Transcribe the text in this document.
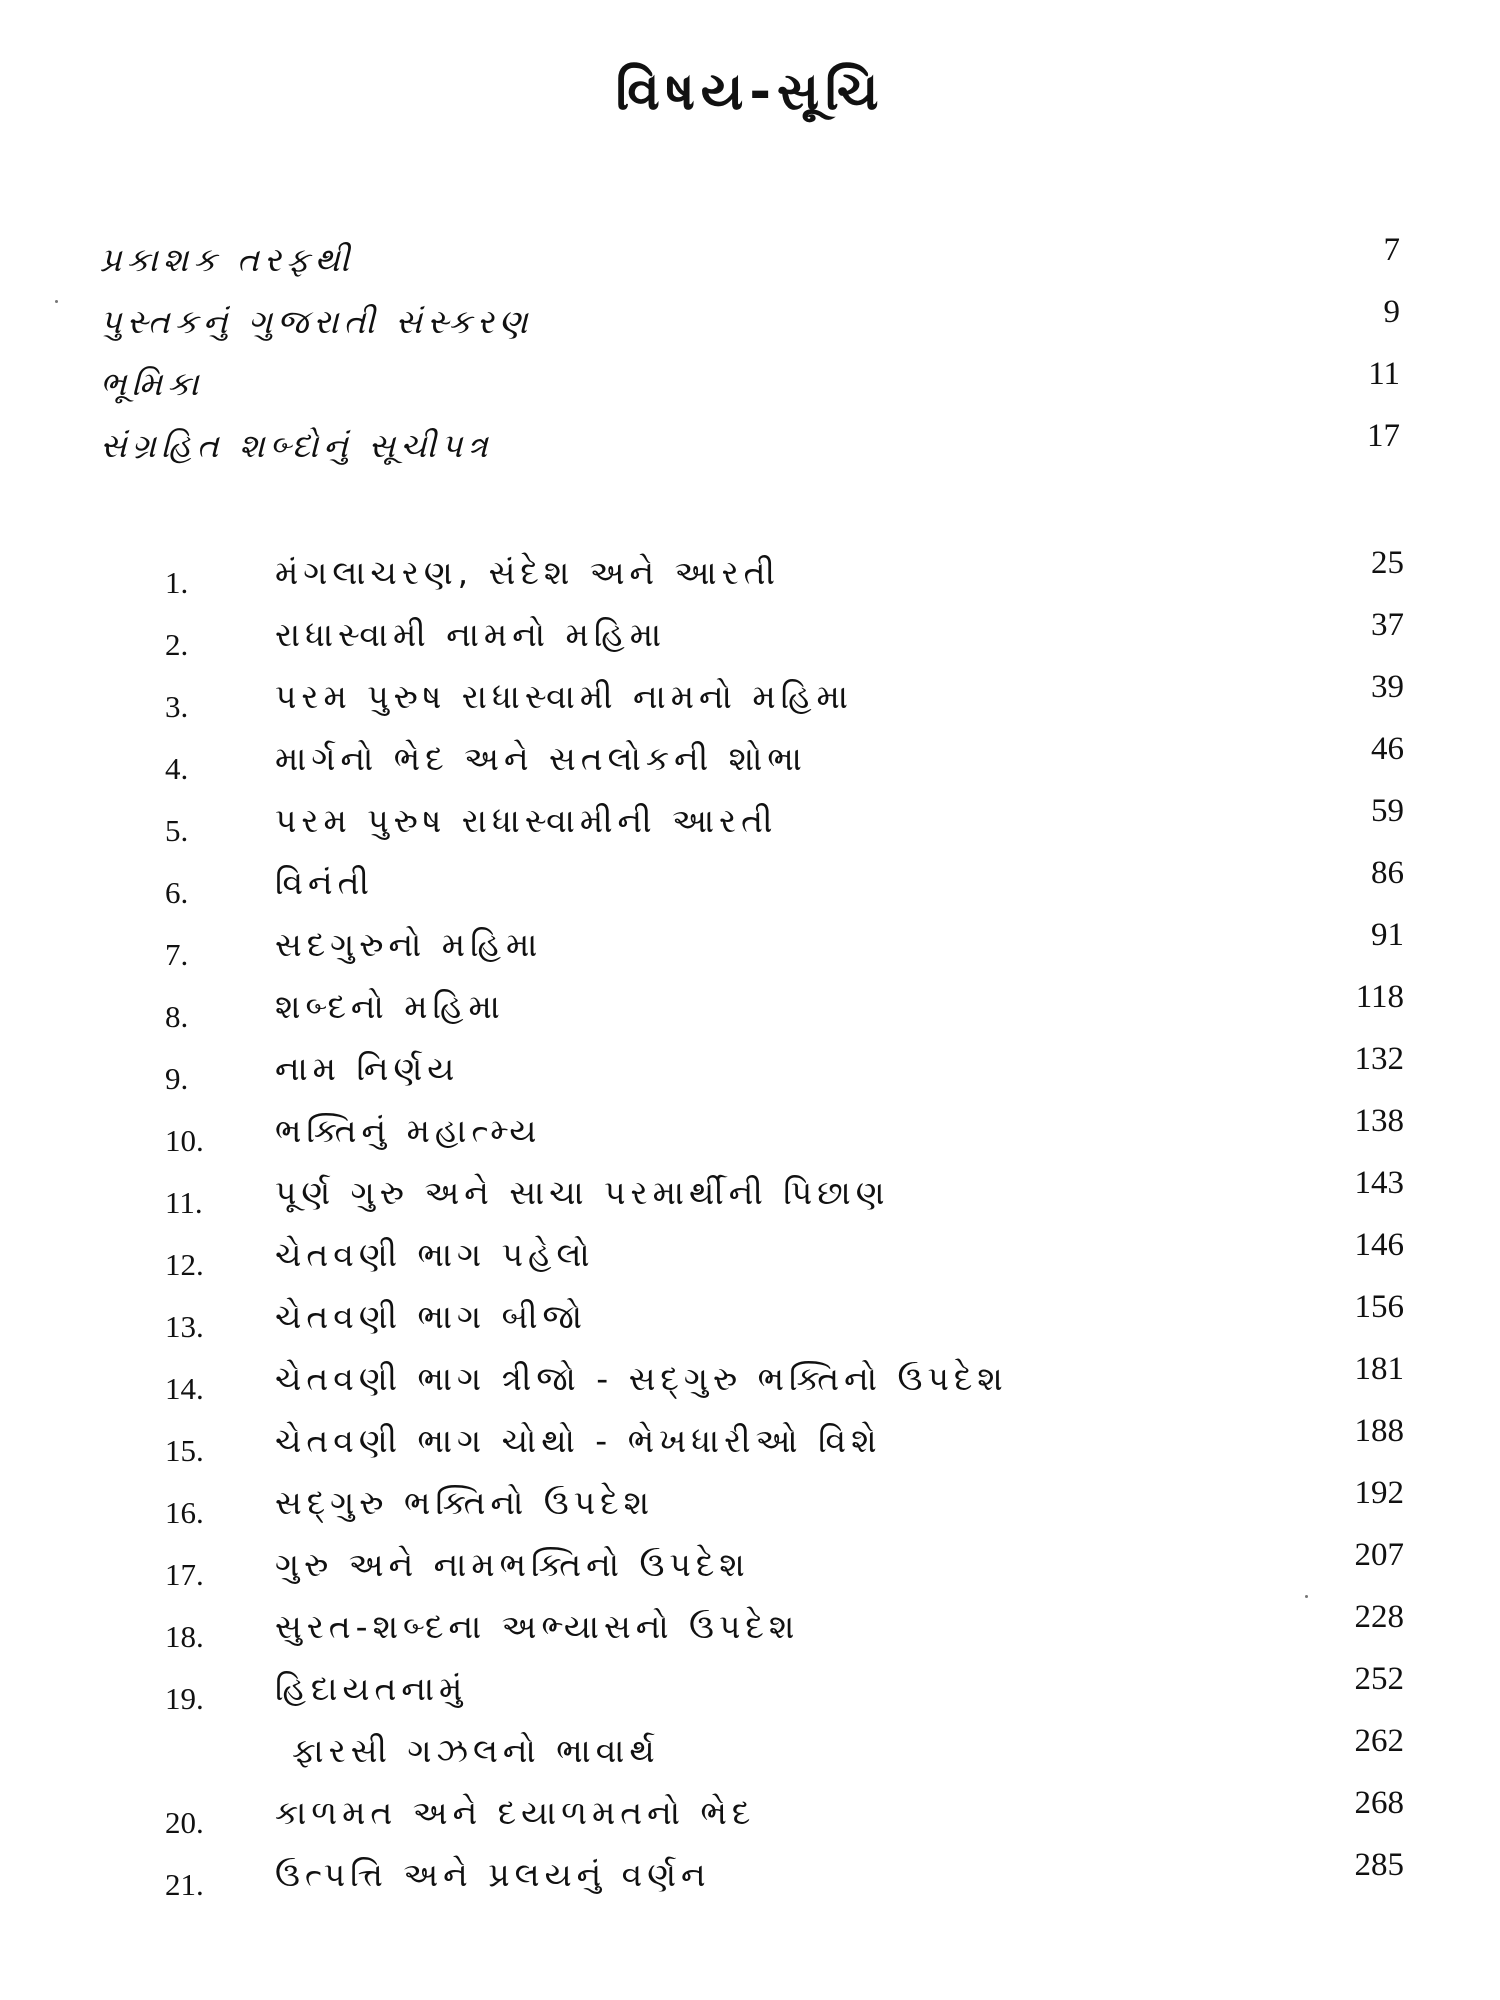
વિષય-સૂચિ
પ્રકાશક તરફથી	7
પુસ્તકનું ગુજરાતી સંસ્કરણ	9
ભૂમિકા	11
સંગ્રહિત શબ્દોનું સૂચીપત્ર	17
1.	મંગલાચરણ, સંદેશ અને આરતી	25
2.	રાધાસ્વામી નામનો મહિમા	37
3.	પરમ પુરુષ રાધાસ્વામી નામનો મહિમા	39
4.	માર્ગનો ભેદ અને સતલોકની શોભા	46
5.	પરમ પુરુષ રાધાસ્વામીની આરતી	59
6.	વિનંતી	86
7.	સદગુરુનો મહિમા	91
8.	શબ્દનો મહિમા	118
9.	નામ નિર્ણય	132
10. ભક્તિનું મહાત્મ્ય	138
11. પૂર્ણ ગુરુ અને સાચા પરમાર્થીની પિછાણ	143
12. ચેતવણી ભાગ પહેલો	146
13. ચેતવણી ભાગ બીજો	156
14. ચેતવણી ભાગ ત્રીજો - સદ્ગુરુ ભક્તિનો ઉપદેશ	181
15. ચેતવણી ભાગ ચોથો - ભેખધારીઓ વિશે	188
16. સદ્ગુરુ ભક્તિનો ઉપદેશ	192
17. ગુરુ અને નામભક્તિનો ઉપદેશ	207
18. સુરત-શબ્દના અભ્યાસનો ઉપદેશ	228
19. હિદાયતનામું	252
ફારસી ગઝલનો ભાવાર્થ	262
20. કાળમત અને દયાળમતનો ભેદ	268
21. ઉત્પત્તિ અને પ્રલયનું વર્ણન	285
